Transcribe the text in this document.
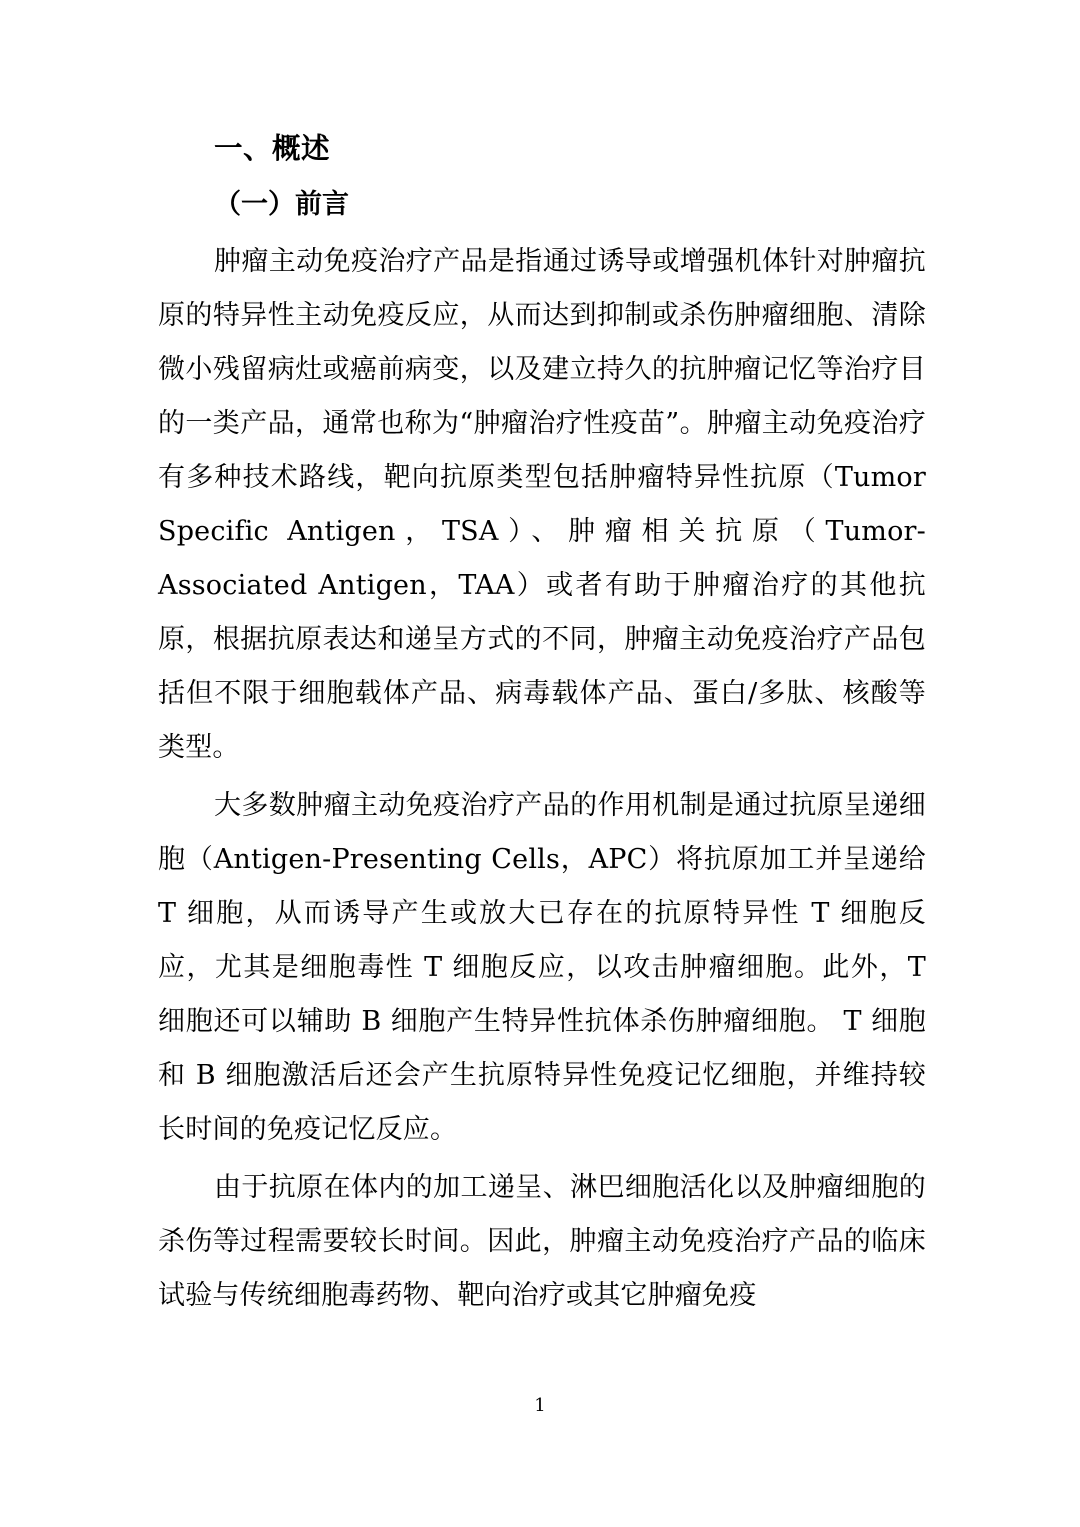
一、概述
（一）前言

肿瘤主动免疫治疗产品是指通过诱导或增强机体针对肿瘤抗原的特异性主动免疫反应，从而达到抑制或杀伤肿瘤细胞、清除微小残留病灶或癌前病变，以及建立持久的抗肿瘤记忆等治疗目的一类产品，通常也称为“肿瘤治疗性疫苗”。肿瘤主动免疫治疗有多种技术路线，靶向抗原类型包括肿瘤特异性抗原（Tumor Specific Antigen，TSA）、肿瘤相关抗原（Tumor-Associated Antigen，TAA）或者有助于肿瘤治疗的其他抗原，根据抗原表达和递呈方式的不同，肿瘤主动免疫治疗产品包括但不限于细胞载体产品、病毒载体产品、蛋白/多肽、核酸等类型。

大多数肿瘤主动免疫治疗产品的作用机制是通过抗原呈递细胞（Antigen-Presenting Cells，APC）将抗原加工并呈递给 T 细胞，从而诱导产生或放大已存在的抗原特异性 T 细胞反应，尤其是细胞毒性 T 细胞反应，以攻击肿瘤细胞。此外，T 细胞还可以辅助 B 细胞产生特异性抗体杀伤肿瘤细胞。 T 细胞和 B 细胞激活后还会产生抗原特异性免疫记忆细胞，并维持较长时间的免疫记忆反应。

由于抗原在体内的加工递呈、淋巴细胞活化以及肿瘤细胞的杀伤等过程需要较长时间。因此，肿瘤主动免疫治疗产品的临床试验与传统细胞毒药物、靶向治疗或其它肿瘤免疫

1
